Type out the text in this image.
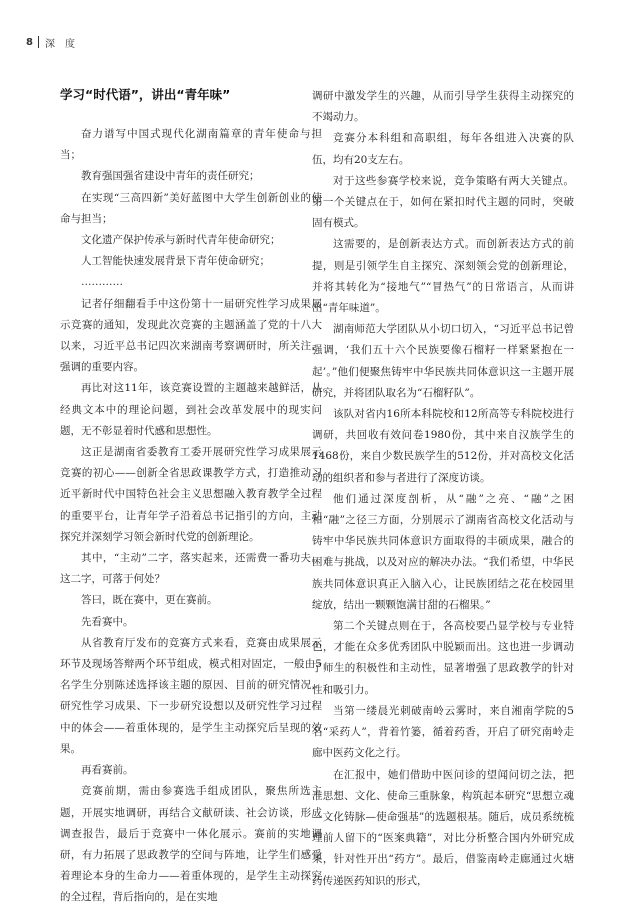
8 深度
学习“时代语”，讲出“青年味”

奋力谱写中国式现代化湖南篇章的青年使命与担当；

教育强国强省建设中青年的责任研究；

在实现“三高四新”美好蓝图中大学生创新创业的使命与担当；

文化遗产保护传承与新时代青年使命研究；

人工智能快速发展背景下青年使命研究；

…………

记者仔细翻看手中这份第十一届研究性学习成果展示竞赛的通知，发现此次竞赛的主题涵盖了党的十八大以来，习近平总书记四次来湖南考察调研时，所关注、强调的重要内容。

再比对这11年，该竞赛设置的主题越来越鲜活，从经典文本中的理论问题，到社会改革发展中的现实问题，无不彰显着时代感和思想性。

这正是湖南省委教育工委开展研究性学习成果展示竞赛的初心——创新全省思政课教学方式，打造推动习近平新时代中国特色社会主义思想融入教育教学全过程的重要平台，让青年学子沿着总书记指引的方向，主动探究并深刻学习领会新时代党的创新理论。

其中，“主动”二字，落实起来，还需费一番功夫。这二字，可落于何处？

答曰，既在赛中，更在赛前。

先看赛中。

从省教育厅发布的竞赛方式来看，竞赛由成果展示环节及现场答辩两个环节组成，模式相对固定，一般由5名学生分别陈述选择该主题的原因、目前的研究情况、研究性学习成果、下一步研究设想以及研究性学习过程中的体会——着重体现的，是学生主动探究后呈现的效果。

再看赛前。

竞赛前期，需由参赛选手组成团队，聚焦所选主题，开展实地调研，再结合文献研读、社会访谈，形成调查报告，最后于竞赛中一体化展示。赛前的实地调研，有力拓展了思政教学的空间与阵地，让学生们感受着理论本身的生命力——着重体现的，是学生主动探究的全过程，背后指向的，是在实地

调研中激发学生的兴趣，从而引导学生获得主动探究的不竭动力。

竞赛分本科组和高职组，每年各组进入决赛的队伍，均有20支左右。

对于这些参赛学校来说，竞争策略有两大关键点。第一个关键点在于，如何在紧扣时代主题的同时，突破固有模式。

这需要的，是创新表达方式。而创新表达方式的前提，则是引领学生自主探究、深刻领会党的创新理论，并将其转化为“接地气”“冒热气”的日常语言，从而讲出“青年味道”。

湖南师范大学团队从小切口切入，“习近平总书记曾强调，‘我们五十六个民族要像石榴籽一样紧紧抱在一起’。”他们便聚焦铸牢中华民族共同体意识这一主题开展研究，并将团队取名为“石榴籽队”。

该队对省内16所本科院校和12所高等专科院校进行调研，共回收有效问卷1980份，其中来自汉族学生的1468份，来自少数民族学生的512份，并对高校文化活动的组织者和参与者进行了深度访谈。

他们通过深度剖析，从“融”之亮、“融”之困和“融”之径三方面，分别展示了湖南省高校文化活动与铸牢中华民族共同体意识方面取得的丰硕成果，融合的困难与挑战，以及对应的解决办法。“我们希望，中华民族共同体意识真正入脑入心，让民族团结之花在校园里绽放，结出一颗颗饱满甘甜的石榴果。”

第二个关键点则在于，各高校要凸显学校与专业特色，才能在众多优秀团队中脱颖而出。这也进一步调动了师生的积极性和主动性，显著增强了思政教学的针对性和吸引力。

当第一缕晨光刺破南岭云雾时，来自湘南学院的5名“采药人”，背着竹篓，循着药香，开启了研究南岭走廊中医药文化之行。

在汇报中，她们借助中医问诊的望闻问切之法，把准思想、文化、使命三重脉象，构筑起本研究“思想立魂—文化铸脉—使命强基”的选题根基。随后，成员系统梳理前人留下的“医案典籍”，对比分析整合国内外研究成果，针对性开出“药方”。最后，借鉴南岭走廊通过火塘药传递医药知识的形式，
